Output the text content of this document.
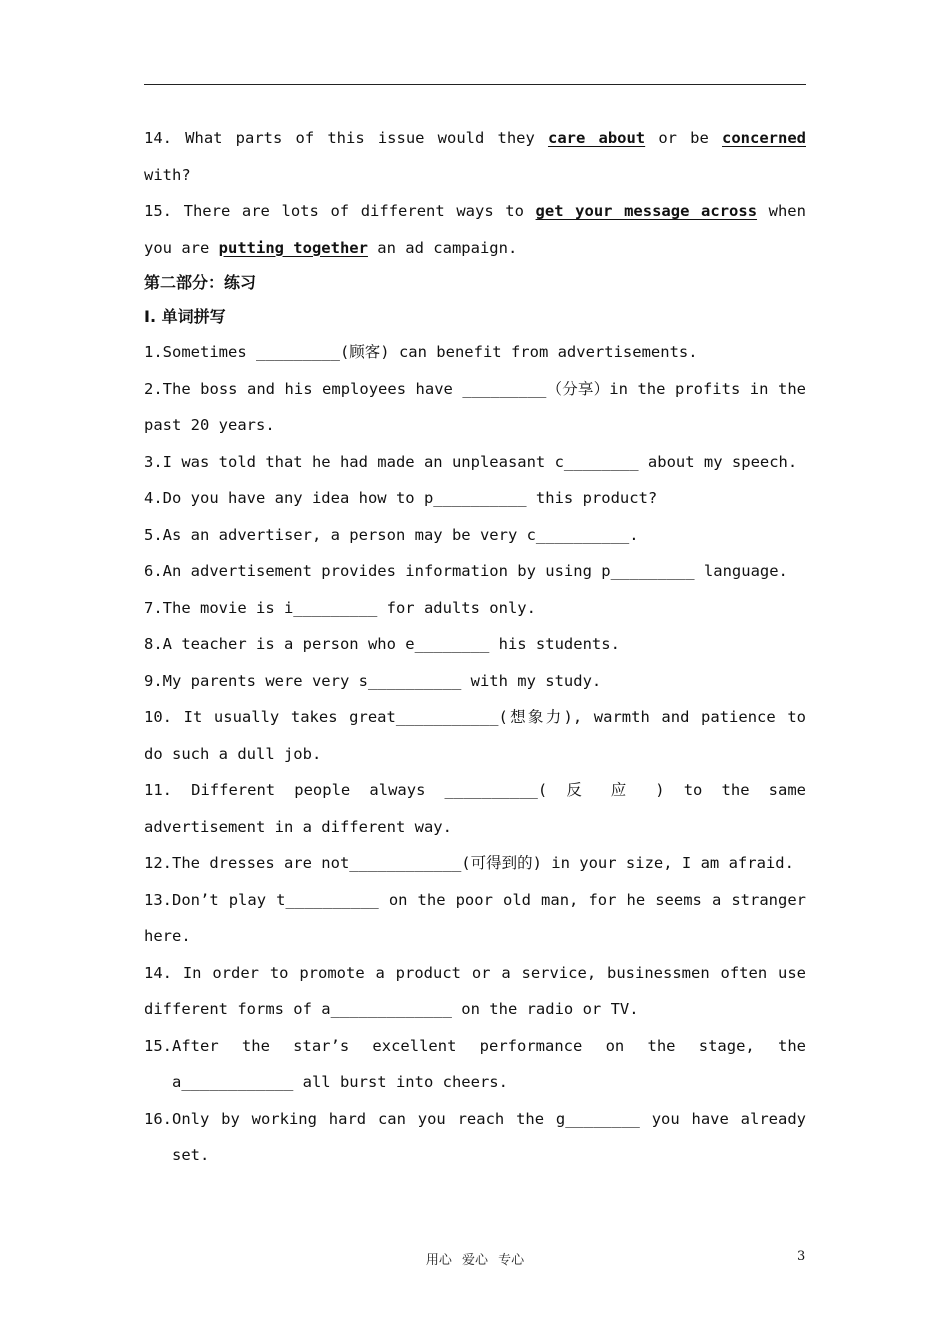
14. What parts of this issue would they care about or be concerned with?

15. There are lots of different ways to get your message across when you are putting together an ad campaign.

第二部分：练习

I. 单词拼写

1.Sometimes _________(顾客) can benefit from advertisements.

2.The boss and his employees have _________（分享）in the profits in the past 20 years.

3.I was told that he had made an unpleasant c________ about my speech.

4.Do you have any idea how to p__________ this product?

5.As an advertiser, a person may be very c__________.

6.An advertisement provides information by using p_________ language.

7.The movie is i_________ for adults only.

8.A teacher is a person who e________ his students.

9.My parents were very s__________ with my study.

10. It usually takes great___________(想象力), warmth and patience to do such a dull job.

11. Different people always __________( 反 应 ) to the same advertisement in a different way.

12.The dresses are not____________(可得到的) in your size, I am afraid.

13.Don’t play t__________ on the poor old man, for he seems a stranger here.

14. In order to promote a product or a service, businessmen often use different forms of a_____________ on the radio or TV.

15.After the star’s excellent performance on the stage, the a____________ all burst into cheers.

16.Only by working hard can you reach the g________ you have already set.

用心 爱心 专心	3
